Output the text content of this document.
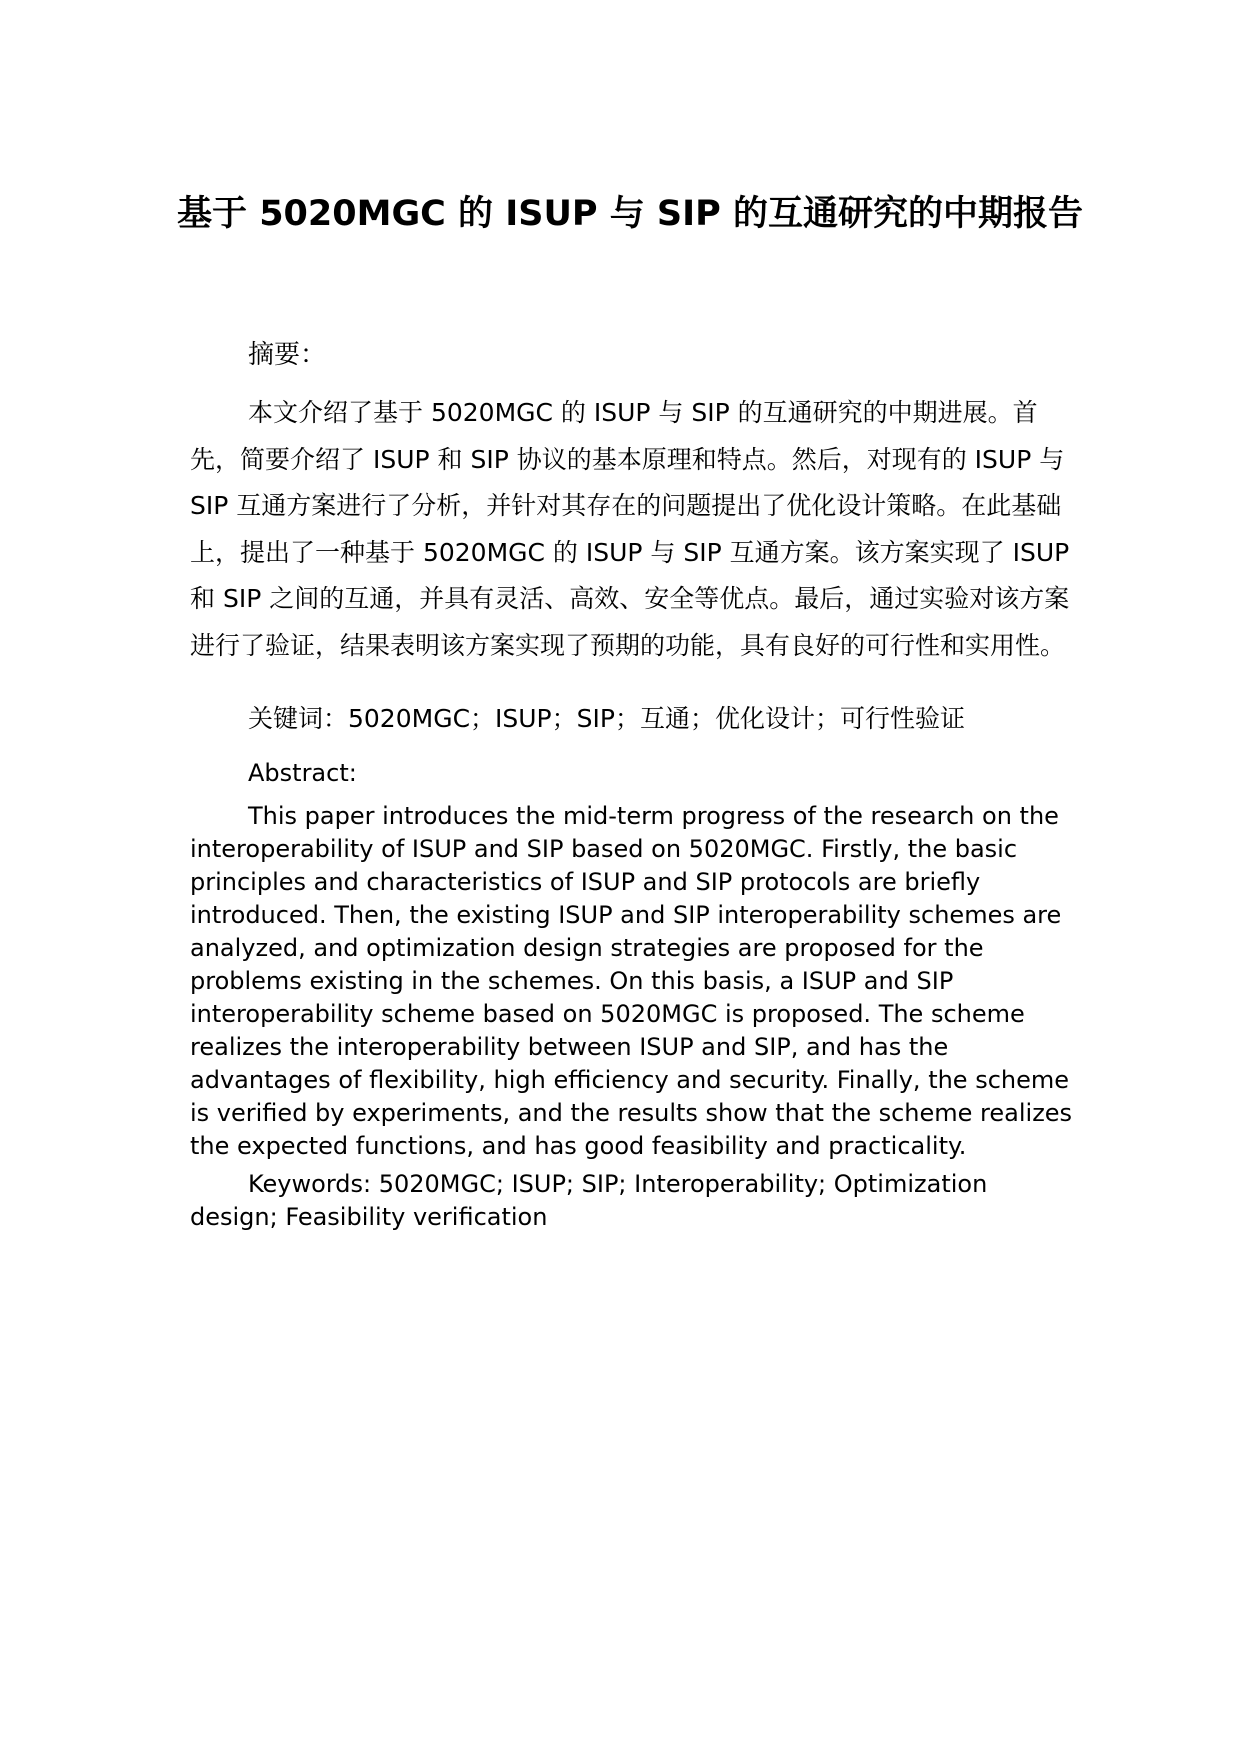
基于 5020MGC 的 ISUP 与 SIP 的互通研究的中期报告

摘要：

本文介绍了基于 5020MGC 的 ISUP 与 SIP 的互通研究的中期进展。首先，简要介绍了 ISUP 和 SIP 协议的基本原理和特点。然后，对现有的 ISUP 与 SIP 互通方案进行了分析，并针对其存在的问题提出了优化设计策略。在此基础上，提出了一种基于 5020MGC 的 ISUP 与 SIP 互通方案。该方案实现了 ISUP 和 SIP 之间的互通，并具有灵活、高效、安全等优点。最后，通过实验对该方案进行了验证，结果表明该方案实现了预期的功能，具有良好的可行性和实用性。

关键词：5020MGC；ISUP；SIP；互通；优化设计；可行性验证

Abstract:

This paper introduces the mid-term progress of the research on the interoperability of ISUP and SIP based on 5020MGC. Firstly, the basic principles and characteristics of ISUP and SIP protocols are briefly introduced. Then, the existing ISUP and SIP interoperability schemes are analyzed, and optimization design strategies are proposed for the problems existing in the schemes. On this basis, a ISUP and SIP interoperability scheme based on 5020MGC is proposed. The scheme realizes the interoperability between ISUP and SIP, and has the advantages of flexibility, high efficiency and security. Finally, the scheme is verified by experiments, and the results show that the scheme realizes the expected functions, and has good feasibility and practicality.

Keywords: 5020MGC; ISUP; SIP; Interoperability; Optimization design; Feasibility verification
